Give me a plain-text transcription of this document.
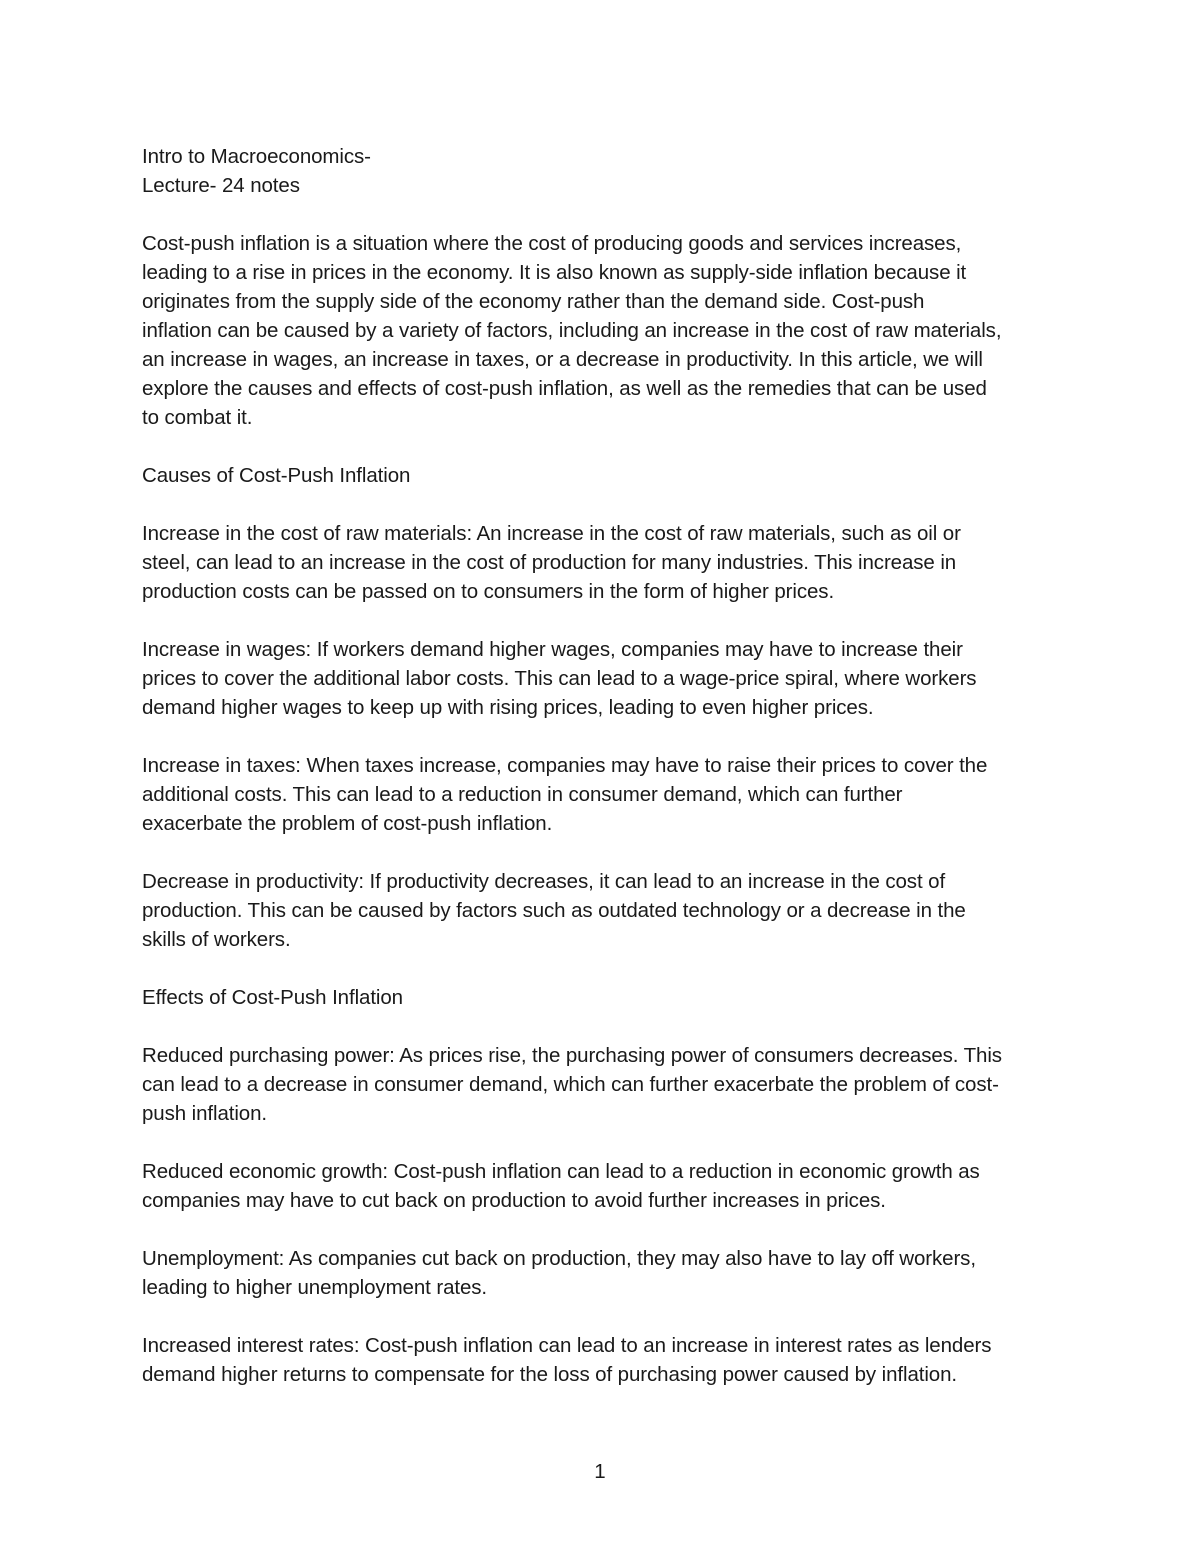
Intro to Macroeconomics-
Lecture- 24 notes
Cost-push inflation is a situation where the cost of producing goods and services increases,
leading to a rise in prices in the economy. It is also known as supply-side inflation because it
originates from the supply side of the economy rather than the demand side. Cost-push
inflation can be caused by a variety of factors, including an increase in the cost of raw materials,
an increase in wages, an increase in taxes, or a decrease in productivity. In this article, we will
explore the causes and effects of cost-push inflation, as well as the remedies that can be used
to combat it.
Causes of Cost-Push Inflation
Increase in the cost of raw materials: An increase in the cost of raw materials, such as oil or
steel, can lead to an increase in the cost of production for many industries. This increase in
production costs can be passed on to consumers in the form of higher prices.
Increase in wages: If workers demand higher wages, companies may have to increase their
prices to cover the additional labor costs. This can lead to a wage-price spiral, where workers
demand higher wages to keep up with rising prices, leading to even higher prices.
Increase in taxes: When taxes increase, companies may have to raise their prices to cover the
additional costs. This can lead to a reduction in consumer demand, which can further
exacerbate the problem of cost-push inflation.
Decrease in productivity: If productivity decreases, it can lead to an increase in the cost of
production. This can be caused by factors such as outdated technology or a decrease in the
skills of workers.
Effects of Cost-Push Inflation
Reduced purchasing power: As prices rise, the purchasing power of consumers decreases. This
can lead to a decrease in consumer demand, which can further exacerbate the problem of cost-
push inflation.
Reduced economic growth: Cost-push inflation can lead to a reduction in economic growth as
companies may have to cut back on production to avoid further increases in prices.
Unemployment: As companies cut back on production, they may also have to lay off workers,
leading to higher unemployment rates.
Increased interest rates: Cost-push inflation can lead to an increase in interest rates as lenders
demand higher returns to compensate for the loss of purchasing power caused by inflation.
1
